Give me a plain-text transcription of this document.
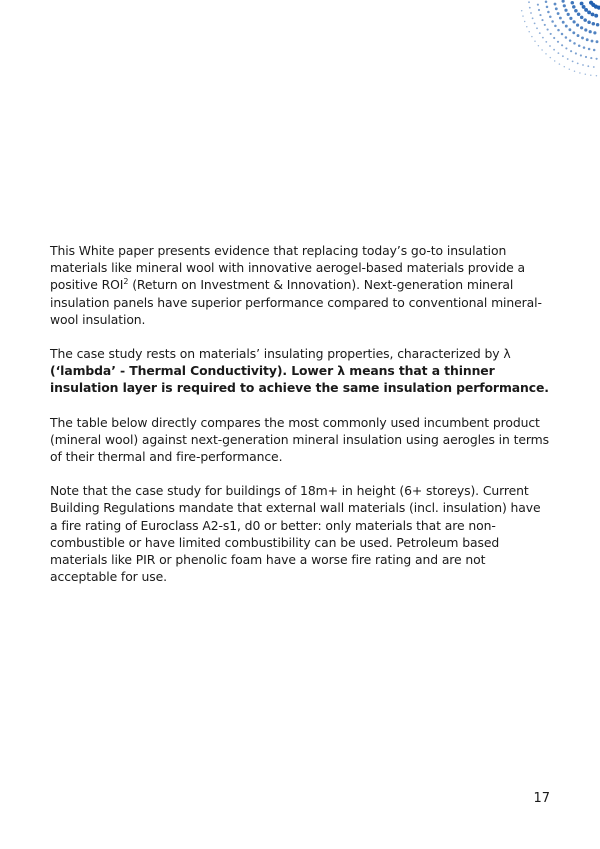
This White paper presents evidence that replacing today’s go-to insulation materials like mineral wool with innovative aerogel-based materials provide a positive ROI$^2$ (Return on Investment & Innovation). Next-generation mineral insulation panels have superior performance compared to conventional mineral-wool insulation.

The case study rests on materials’ insulating properties, characterized by λ (‘lambda’ - Thermal Conductivity). Lower λ means that a thinner insulation layer is required to achieve the same insulation performance.

The table below directly compares the most commonly used incumbent product (mineral wool) against next-generation mineral insulation using aerogles in terms of their thermal and fire-performance.

Note that the case study for buildings of 18m+ in height (6+ storeys). Current Building Regulations mandate that external wall materials (incl. insulation) have a fire rating of Euroclass A2-s1, d0 or better: only materials that are non-combustible or have limited combustibility can be used. Petroleum based materials like PIR or phenolic foam have a worse fire rating and are not acceptable for use.

17
